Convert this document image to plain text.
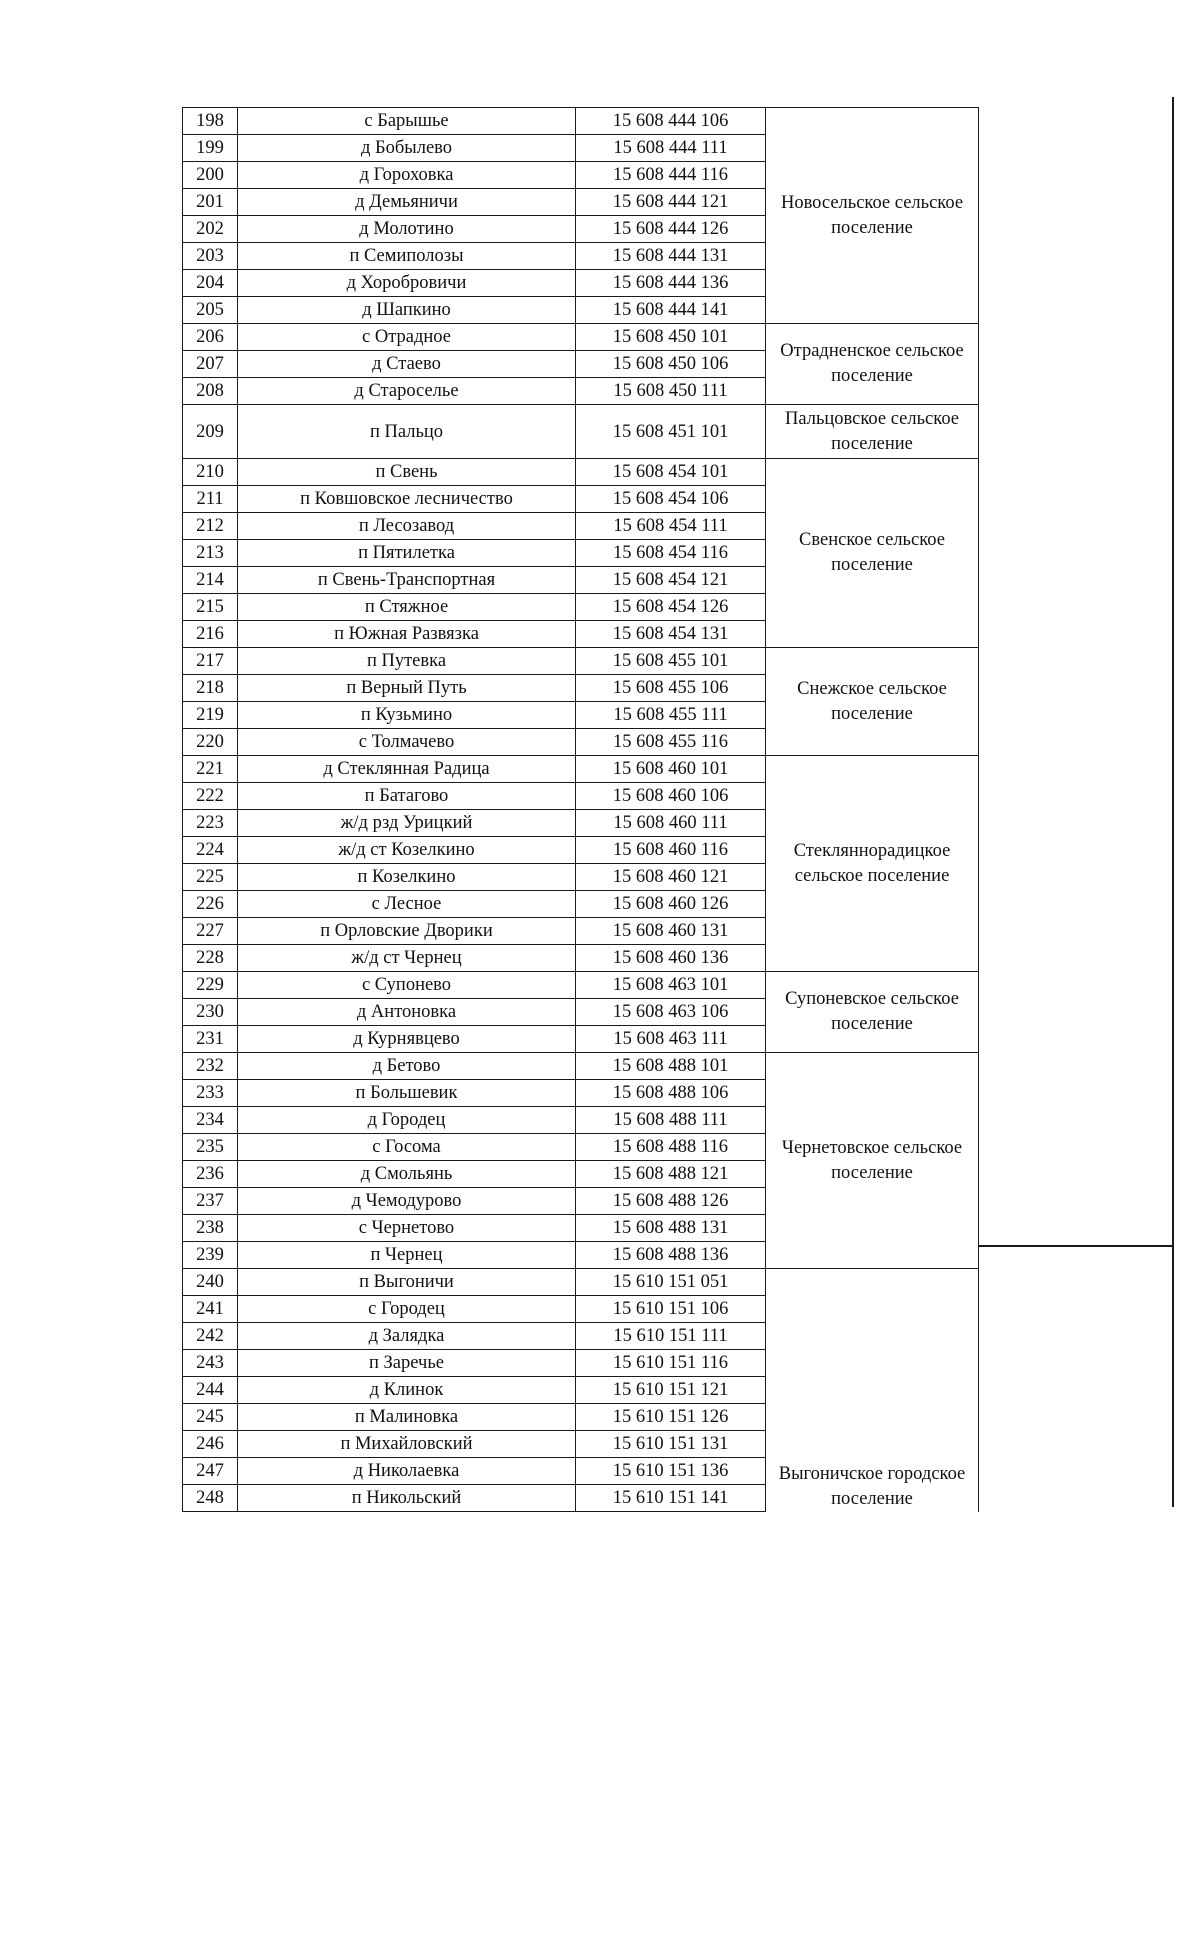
198	с Барышье	15 608 444 106	Новосельское сельское поселение	
199	д Бобылево	15 608 444 111		
200	д Гороховка	15 608 444 116		
201	д Демьяничи	15 608 444 121		
202	д Молотино	15 608 444 126		
203	п Семиполозы	15 608 444 131		
204	д Хоробровичи	15 608 444 136		
205	д Шапкино	15 608 444 141		
206	с Отрадное	15 608 450 101	Отрадненское сельское поселение	
207	д Стаево	15 608 450 106		
208	д Староселье	15 608 450 111		
209	п Пальцо	15 608 451 101	Пальцовское сельское поселение	
210	п Свень	15 608 454 101	Свенское сельское поселение	
211	п Ковшовское лесничество	15 608 454 106		
212	п Лесозавод	15 608 454 111		
213	п Пятилетка	15 608 454 116		
214	п Свень-Транспортная	15 608 454 121		
215	п Стяжное	15 608 454 126		
216	п Южная Развязка	15 608 454 131		
217	п Путевка	15 608 455 101	Снежское сельское поселение	
218	п Верный Путь	15 608 455 106		
219	п Кузьмино	15 608 455 111		
220	с Толмачево	15 608 455 116		
221	д Стеклянная Радица	15 608 460 101	Стекляннорадицкое сельское поселение	
222	п Батагово	15 608 460 106		
223	ж/д рзд Урицкий	15 608 460 111		
224	ж/д ст Козелкино	15 608 460 116		
225	п Козелкино	15 608 460 121		
226	с Лесное	15 608 460 126		
227	п Орловские Дворики	15 608 460 131		
228	ж/д ст Чернец	15 608 460 136		
229	с Супонево	15 608 463 101	Супоневское сельское поселение	
230	д Антоновка	15 608 463 106		
231	д Курнявцево	15 608 463 111		
232	д Бетово	15 608 488 101	Чернетовское сельское поселение	
233	п Большевик	15 608 488 106		
234	д Городец	15 608 488 111		
235	с Госома	15 608 488 116		
236	д Смольянь	15 608 488 121		
237	д Чемодурово	15 608 488 126		
238	с Чернетово	15 608 488 131		
239	п Чернец	15 608 488 136		
240	п Выгоничи	15 610 151 051	Выгоничское городское поселение	
241	с Городец	15 610 151 106		
242	д Залядка	15 610 151 111		
243	п Заречье	15 610 151 116		
244	д Клинок	15 610 151 121		
245	п Малиновка	15 610 151 126		
246	п Михайловский	15 610 151 131		
247	д Николаевка	15 610 151 136		
248	п Никольский	15 610 151 141		
